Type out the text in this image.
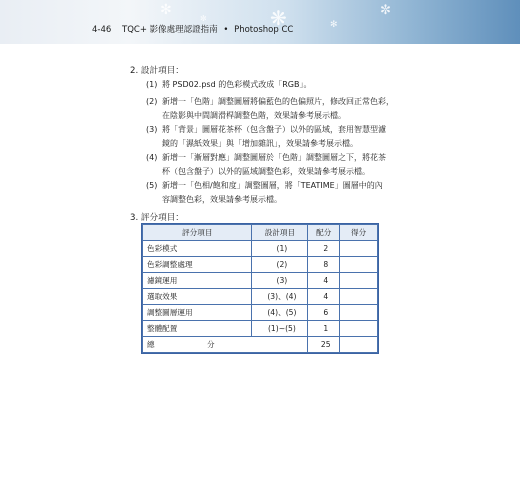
✻
✼	❋	✻
✼
4-46 TQC+ 影像處理認證指南 • Photoshop CC
2. 設計項目：
(1) 將 PSD02.psd 的色彩模式改成「RGB」。
(2) 新增一「色階」調整圖層將偏藍色的色偏照片，修改回正常色彩，
在陰影與中間調滑桿調整色階，效果請參考展示檔。
(3) 將「背景」圖層花茶杯（包含盤子）以外的區域，套用智慧型濾
鏡的「濕紙效果」與「增加雜訊」，效果請參考展示檔。
(4) 新增一「漸層對應」調整圖層於「色階」調整圖層之下，將花茶
杯（包含盤子）以外的區域調整色彩，效果請參考展示檔。
(5) 新增一「色相/飽和度」調整圖層，將「TEATIME」圖層中的內
容調整色彩，效果請參考展示檔。
3. 評分項目：
評分項目	設計項目	配分	得分
色彩模式	(1)	2	
色彩調整處理	(2)	8	
濾鏡運用	(3)	4	
選取效果	(3)、(4)	4	
調整圖層運用	(4)、(5)	6	
整體配置	(1)~(5)	1	
總 分		25	
